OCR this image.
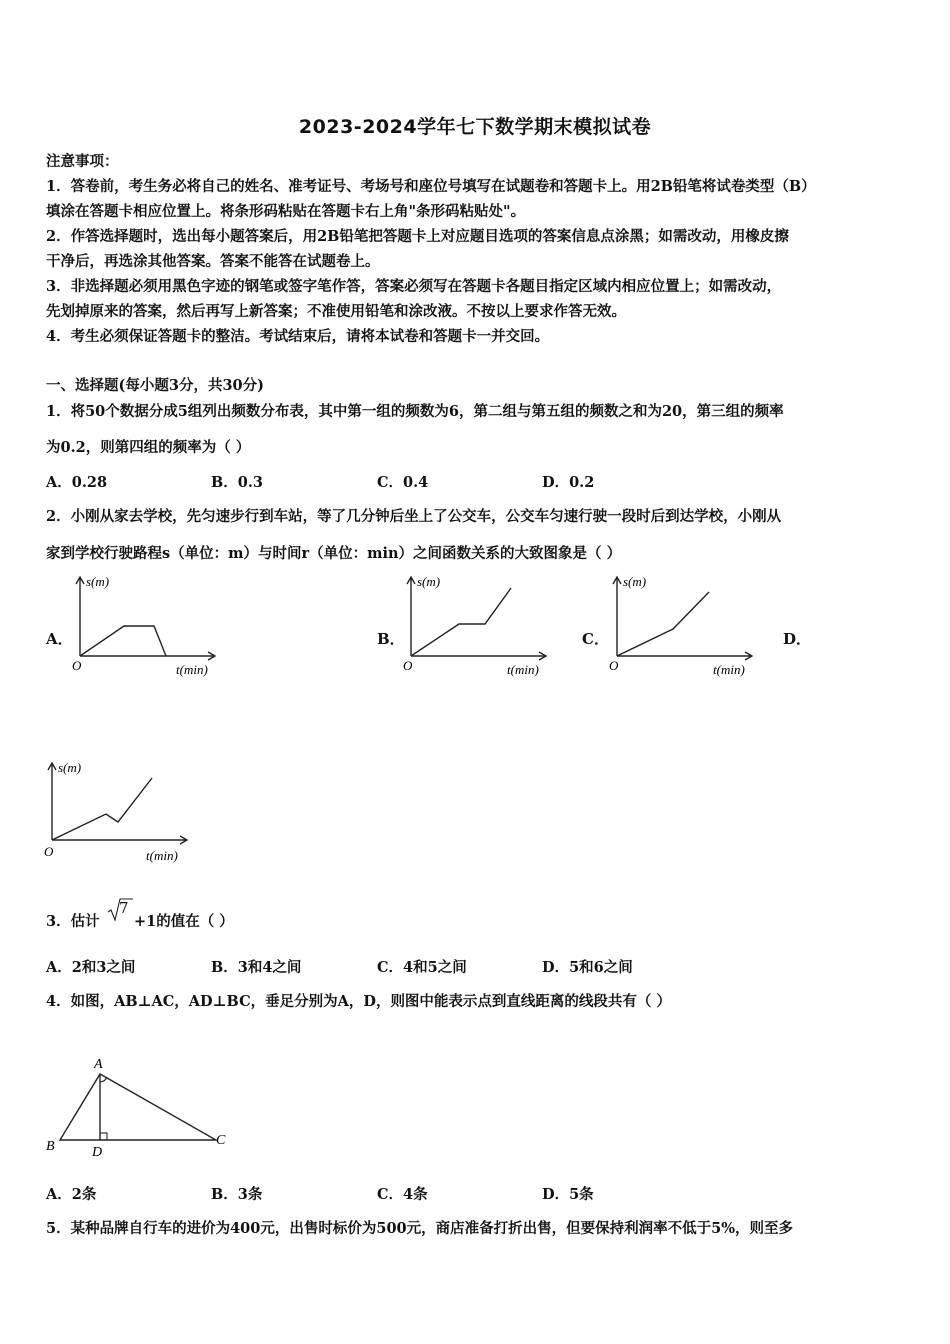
2023-2024学年七下数学期末模拟试卷
注意事项：
1．答卷前，考生务必将自己的姓名、准考证号、考场号和座位号填写在试题卷和答题卡上。用2B铅笔将试卷类型（B）
填涂在答题卡相应位置上。将条形码粘贴在答题卡右上角"条形码粘贴处"。
2．作答选择题时，选出每小题答案后，用2B铅笔把答题卡上对应题目选项的答案信息点涂黑；如需改动，用橡皮擦
干净后，再选涂其他答案。答案不能答在试题卷上。
3．非选择题必须用黑色字迹的钢笔或签字笔作答，答案必须写在答题卡各题目指定区域内相应位置上；如需改动，
先划掉原来的答案，然后再写上新答案；不准使用铅笔和涂改液。不按以上要求作答无效。
4．考生必须保证答题卡的整洁。考试结束后，请将本试卷和答题卡一并交回。
一、选择题(每小题3分，共30分)
1．将50个数据分成5组列出频数分布表，其中第一组的频数为6，第二组与第五组的频数之和为20，第三组的频率
为0.2，则第四组的频率为（ ）
A．0.28	B．0.3	C．0.4	D．0.2
2．小刚从家去学校，先匀速步行到车站，等了几分钟后坐上了公交车，公交车匀速行驶一段时后到达学校，小刚从
家到学校行驶路程s（单位：m）与时间r（单位：min）之间函数关系的大致图象是（ ）
A．	B．	C．	D．
s(m)
O	t(min)
s(m)
O	t(min)
s(m)
O	t(min)
s(m)
O	t(min)
3．估计
7
+1的值在（ ）
A．2和3之间	B．3和4之间	C．4和5之间	D．5和6之间
4．如图，AB⊥AC，AD⊥BC，垂足分别为A，D，则图中能表示点到直线距离的线段共有（ ）
A
B	C
D
A．2条	B．3条	C．4条	D．5条
5．某种品牌自行车的进价为400元，出售时标价为500元，商店准备打折出售，但要保持利润率不低于5%，则至多
